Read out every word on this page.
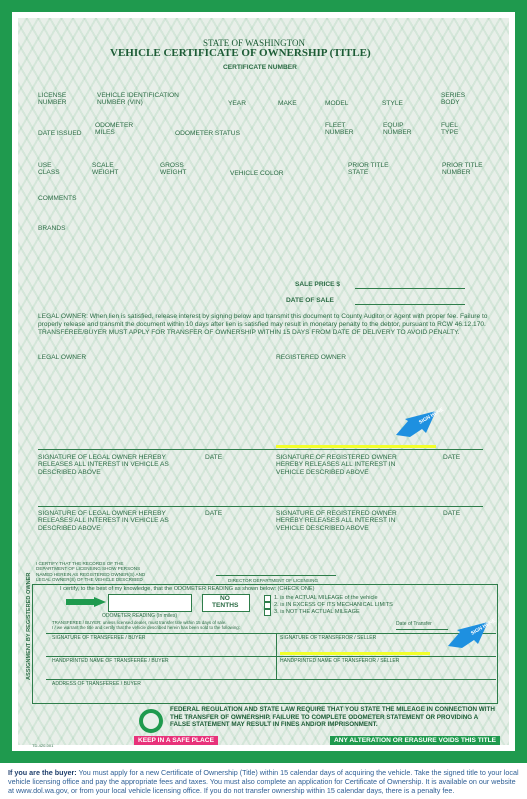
STATE OF WASHINGTON
VEHICLE CERTIFICATE OF OWNERSHIP (TITLE)
CERTIFICATE NUMBER
LICENSE NUMBER
VEHICLE IDENTIFICATION NUMBER (VIN)	YEAR	MAKE	MODEL	STYLE
SERIES BODY
DATE ISSUED
ODOMETER MILES	ODOMETER STATUS
FLEET NUMBER
EQUIP NUMBER
FUEL TYPE
USE CLASS
SCALE WEIGHT
GROSS WEIGHT	VEHICLE COLOR
PRIOR TITLE STATE
PRIOR TITLE NUMBER
COMMENTS
BRANDS
SALE PRICE $
DATE OF SALE
LEGAL OWNER: When lien is satisfied, release interest by signing below and transmit this document to County Auditor or Agent with proper fee. Failure to properly release and transmit the document within 10 days after lien is satisfied may result in monetary penalty to the debtor, pursuant to RCW 46.12.170. TRANSFEREE/BUYER MUST APPLY FOR TRANSFER OF OWNERSHIP WITHIN 15 DAYS FROM DATE OF DELIVERY TO AVOID PENALTY.
LEGAL OWNER	REGISTERED OWNER
SIGN HERE
SIGNATURE OF LEGAL OWNER HEREBY RELEASES ALL INTEREST IN VEHICLE AS DESCRIBED ABOVE
DATE	SIGNATURE OF REGISTERED OWNER HEREBY RELEASES ALL INTEREST IN VEHICLE DESCRIBED ABOVE
DATE
SIGNATURE OF LEGAL OWNER HEREBY RELEASES ALL INTEREST IN VEHICLE AS DESCRIBED ABOVE
DATE	SIGNATURE OF REGISTERED OWNER HEREBY RELEASES ALL INTEREST IN VEHICLE DESCRIBED ABOVE
DATE
I CERTIFY THAT THE RECORDS OF THE DEPARTMENT OF LICENSING SHOW PERSONS NAMED HEREIN AS REGISTERED OWNER(S) AND LEGAL OWNER(S) OF THE VEHICLE DESCRIBED	DIRECTOR DEPARTMENT OF LICENSING
ASSIGNMENT BY REGISTERED OWNER	I certify, to the best of my knowledge, that the ODOMETER READING as shown below: (CHECK ONE)
NO TENTHS
1. is the ACTUAL MILEAGE of the vehicle
2. is IN EXCESS OF ITS MECHANICAL LIMITS
3. is NOT THE ACTUAL MILEAGE
ODOMETER READING (In miles)
TRANSFEREE / BUYER: unless licensed dealer, must transfer title within 15 days of sale.
I / we warrant the title and certify that the vehicle described herein has been sold to the following:
Date of Transfer
SIGNATURE OF TRANSFEREE / BUYER	SIGNATURE OF TRANSFEROR / SELLER
SIGN HERE
HANDPRINTED NAME OF TRANSFEREE / BUYER	HANDPRINTED NAME OF TRANSFEROR / SELLER
ADDRESS OF TRANSFEREE / BUYER
FEDERAL REGULATION AND STATE LAW REQUIRE THAT YOU STATE THE MILEAGE IN CONNECTION WITH THE TRANSFER OF OWNERSHIP. FAILURE TO COMPLETE ODOMETER STATEMENT OR PROVIDING A FALSE STATEMENT MAY RESULT IN FINES AND/OR IMPRISONMENT.
KEEP IN A SAFE PLACE	ANY ALTERATION OR ERASURE VOIDS THIS TITLE
TD-420-001
If you are the buyer: You must apply for a new Certificate of Ownership (Title) within 15 calendar days of acquiring the vehicle. Take the signed title to your local vehicle licensing office and pay the appropriate fees and taxes. You must also complete an application for Certificate of Ownership. It is available on our website at www.dol.wa.gov, or from your local vehicle licensing office. If you do not transfer ownership within 15 calendar days, there is a penalty fee.
